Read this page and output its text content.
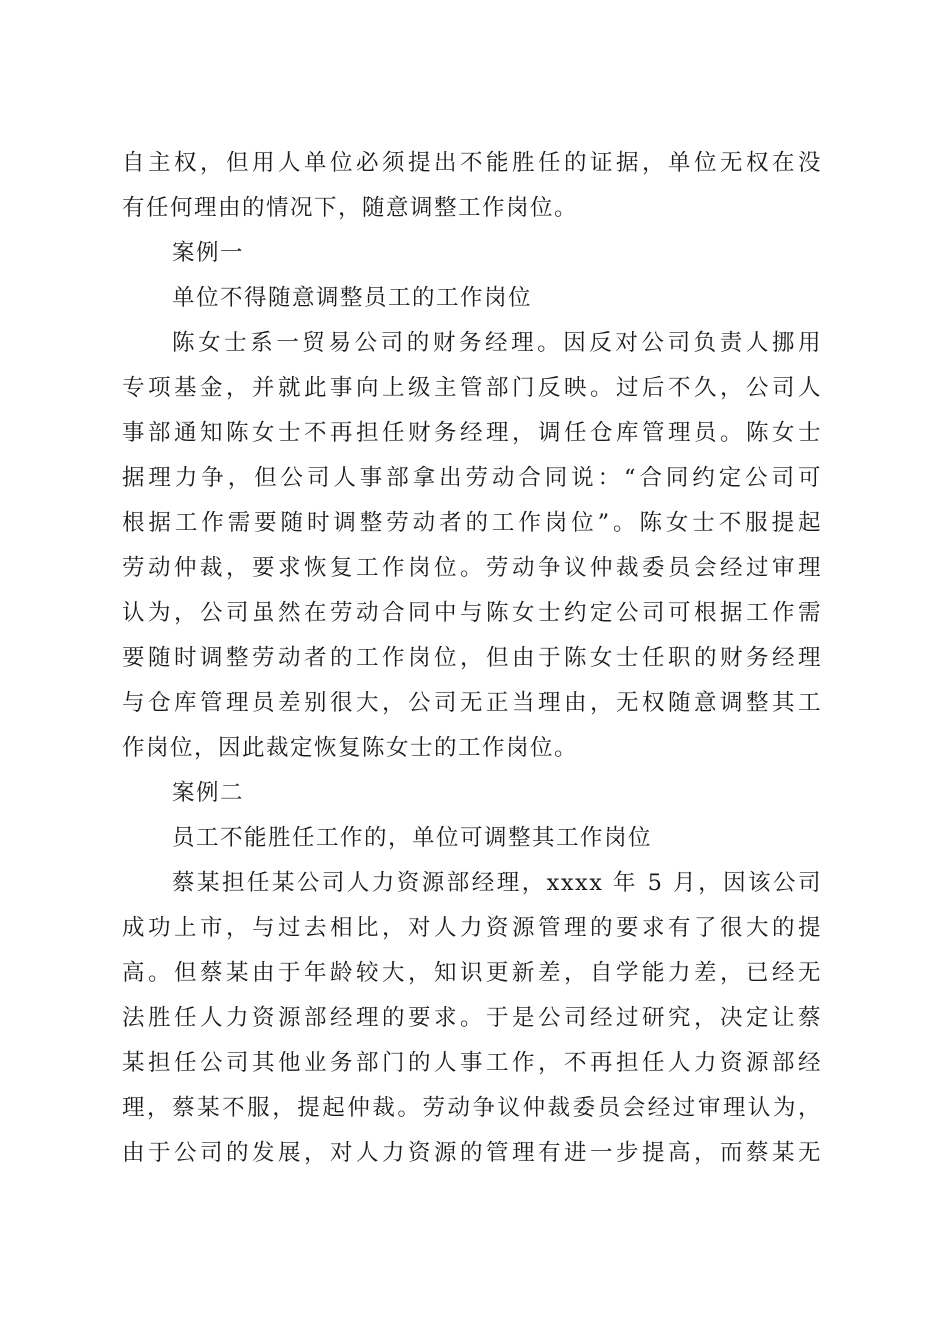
自主权，但用人单位必须提出不能胜任的证据，单位无权在没
有任何理由的情况下，随意调整工作岗位。
案例一
单位不得随意调整员工的工作岗位
陈女士系一贸易公司的财务经理。因反对公司负责人挪用
专项基金，并就此事向上级主管部门反映。过后不久，公司人
事部通知陈女士不再担任财务经理，调任仓库管理员。陈女士
据理力争，但公司人事部拿出劳动合同说：“合同约定公司可
根据工作需要随时调整劳动者的工作岗位”。陈女士不服提起
劳动仲裁，要求恢复工作岗位。劳动争议仲裁委员会经过审理
认为，公司虽然在劳动合同中与陈女士约定公司可根据工作需
要随时调整劳动者的工作岗位，但由于陈女士任职的财务经理
与仓库管理员差别很大，公司无正当理由，无权随意调整其工
作岗位，因此裁定恢复陈女士的工作岗位。
案例二
员工不能胜任工作的，单位可调整其工作岗位
蔡某担任某公司人力资源部经理，xxxx 年 5 月，因该公司
成功上市，与过去相比，对人力资源管理的要求有了很大的提
高。但蔡某由于年龄较大，知识更新差，自学能力差，已经无
法胜任人力资源部经理的要求。于是公司经过研究，决定让蔡
某担任公司其他业务部门的人事工作，不再担任人力资源部经
理，蔡某不服，提起仲裁。劳动争议仲裁委员会经过审理认为，
由于公司的发展，对人力资源的管理有进一步提高，而蔡某无
